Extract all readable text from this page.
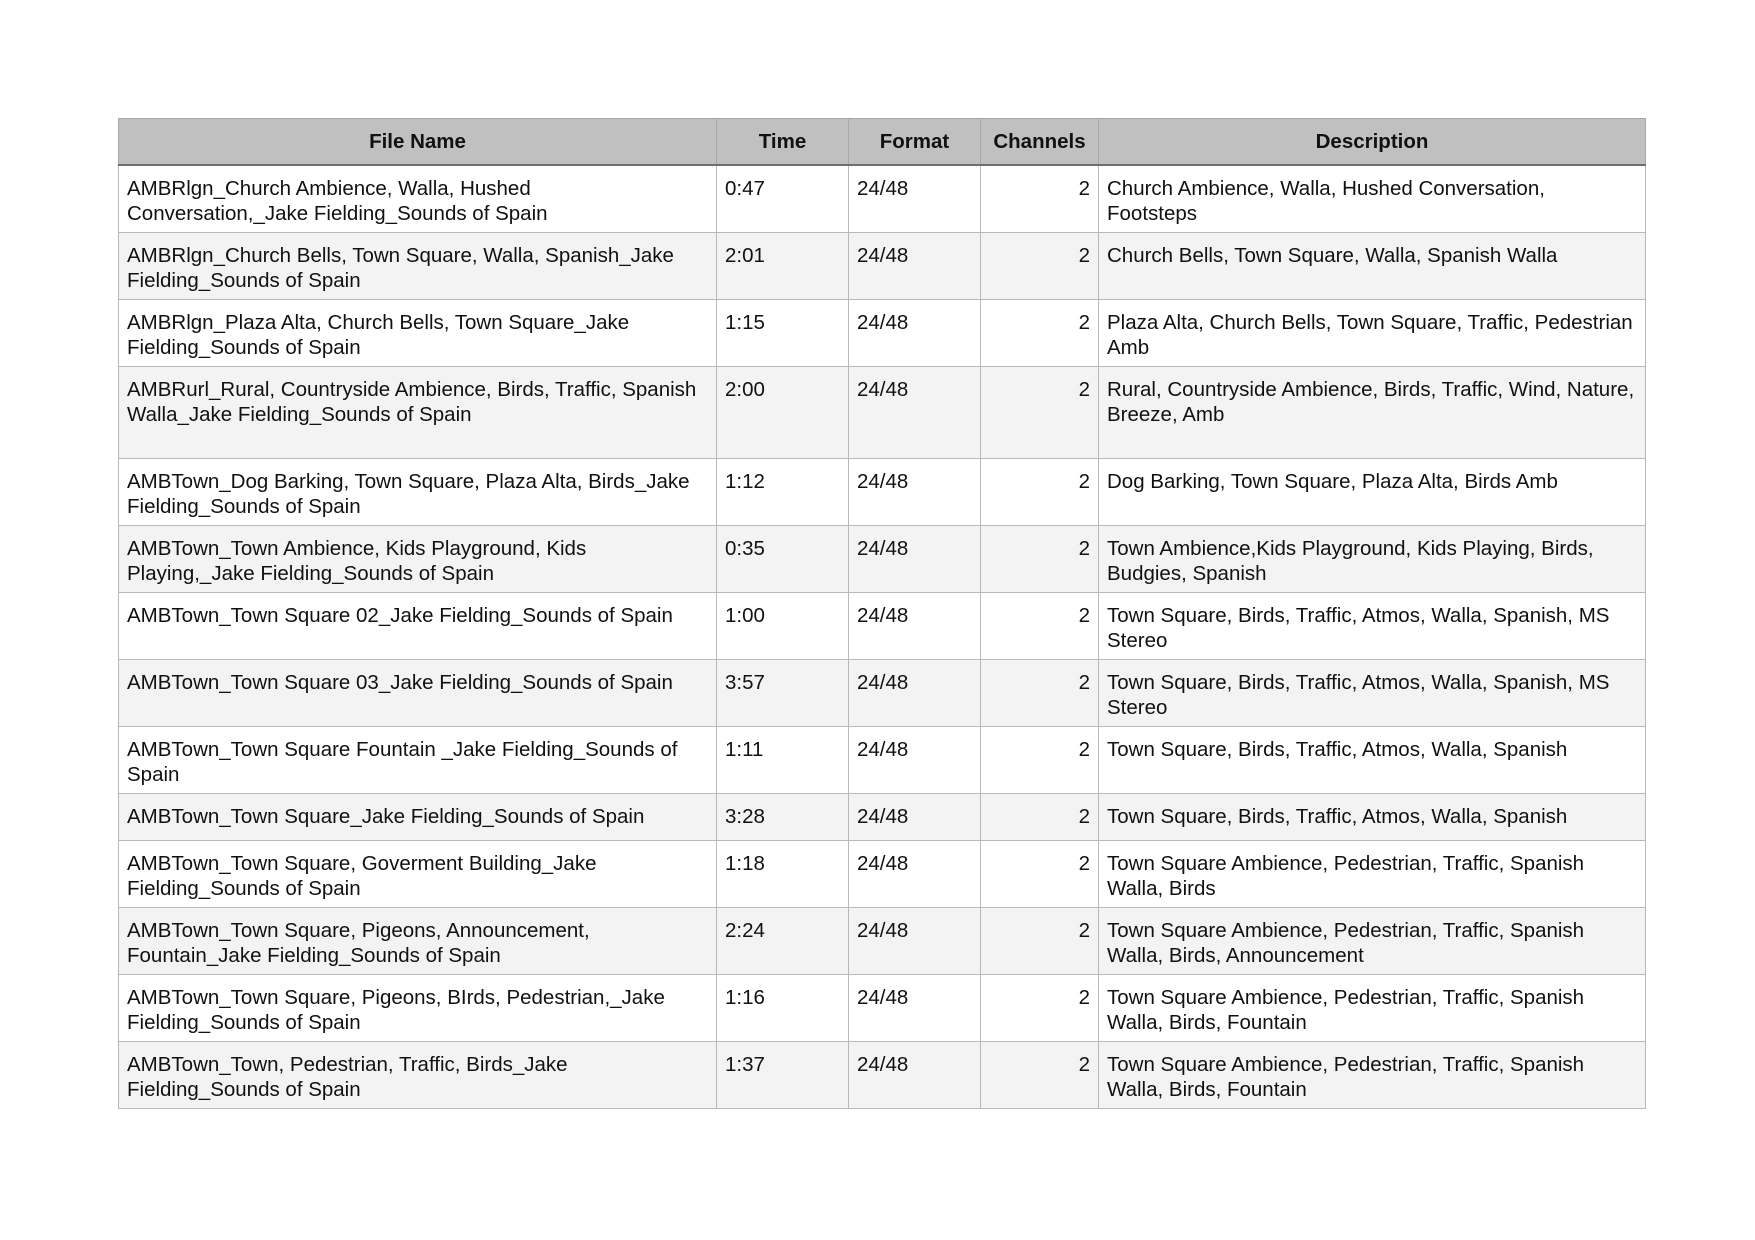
File Name	Time	Format	Channels	Description
AMBRlgn_Church Ambience, Walla, Hushed Conversation,_Jake Fielding_Sounds of Spain	0:47	24/48	2	Church Ambience, Walla, Hushed Conversation, Footsteps
AMBRlgn_Church Bells, Town Square, Walla, Spanish_Jake Fielding_Sounds of Spain	2:01	24/48	2	Church Bells, Town Square, Walla, Spanish Walla
AMBRlgn_Plaza Alta, Church Bells, Town Square_Jake Fielding_Sounds of Spain	1:15	24/48	2	Plaza Alta, Church Bells, Town Square, Traffic, Pedestrian Amb
AMBRurl_Rural, Countryside Ambience, Birds, Traffic, Spanish Walla_Jake Fielding_Sounds of Spain	2:00	24/48	2	Rural, Countryside Ambience, Birds, Traffic, Wind, Nature, Breeze, Amb
AMBTown_Dog Barking, Town Square, Plaza Alta, Birds_Jake Fielding_Sounds of Spain	1:12	24/48	2	Dog Barking, Town Square, Plaza Alta, Birds Amb
AMBTown_Town Ambience, Kids Playground, Kids Playing,_Jake Fielding_Sounds of Spain	0:35	24/48	2	Town Ambience,Kids Playground, Kids Playing, Birds, Budgies, Spanish
AMBTown_Town Square 02_Jake Fielding_Sounds of Spain	1:00	24/48	2	Town Square, Birds, Traffic, Atmos, Walla, Spanish, MS Stereo
AMBTown_Town Square 03_Jake Fielding_Sounds of Spain	3:57	24/48	2	Town Square, Birds, Traffic, Atmos, Walla, Spanish, MS Stereo
AMBTown_Town Square Fountain _Jake Fielding_Sounds of Spain	1:11	24/48	2	Town Square, Birds, Traffic, Atmos, Walla, Spanish
AMBTown_Town Square_Jake Fielding_Sounds of Spain	3:28	24/48	2	Town Square, Birds, Traffic, Atmos, Walla, Spanish
AMBTown_Town Square, Goverment Building_Jake Fielding_Sounds of Spain	1:18	24/48	2	Town Square Ambience, Pedestrian, Traffic, Spanish Walla, Birds
AMBTown_Town Square, Pigeons, Announcement, Fountain_Jake Fielding_Sounds of Spain	2:24	24/48	2	Town Square Ambience, Pedestrian, Traffic, Spanish Walla, Birds, Announcement
AMBTown_Town Square, Pigeons, BIrds, Pedestrian,_Jake Fielding_Sounds of Spain	1:16	24/48	2	Town Square Ambience, Pedestrian, Traffic, Spanish Walla, Birds, Fountain
AMBTown_Town, Pedestrian, Traffic, Birds_Jake Fielding_Sounds of Spain	1:37	24/48	2	Town Square Ambience, Pedestrian, Traffic, Spanish Walla, Birds, Fountain
